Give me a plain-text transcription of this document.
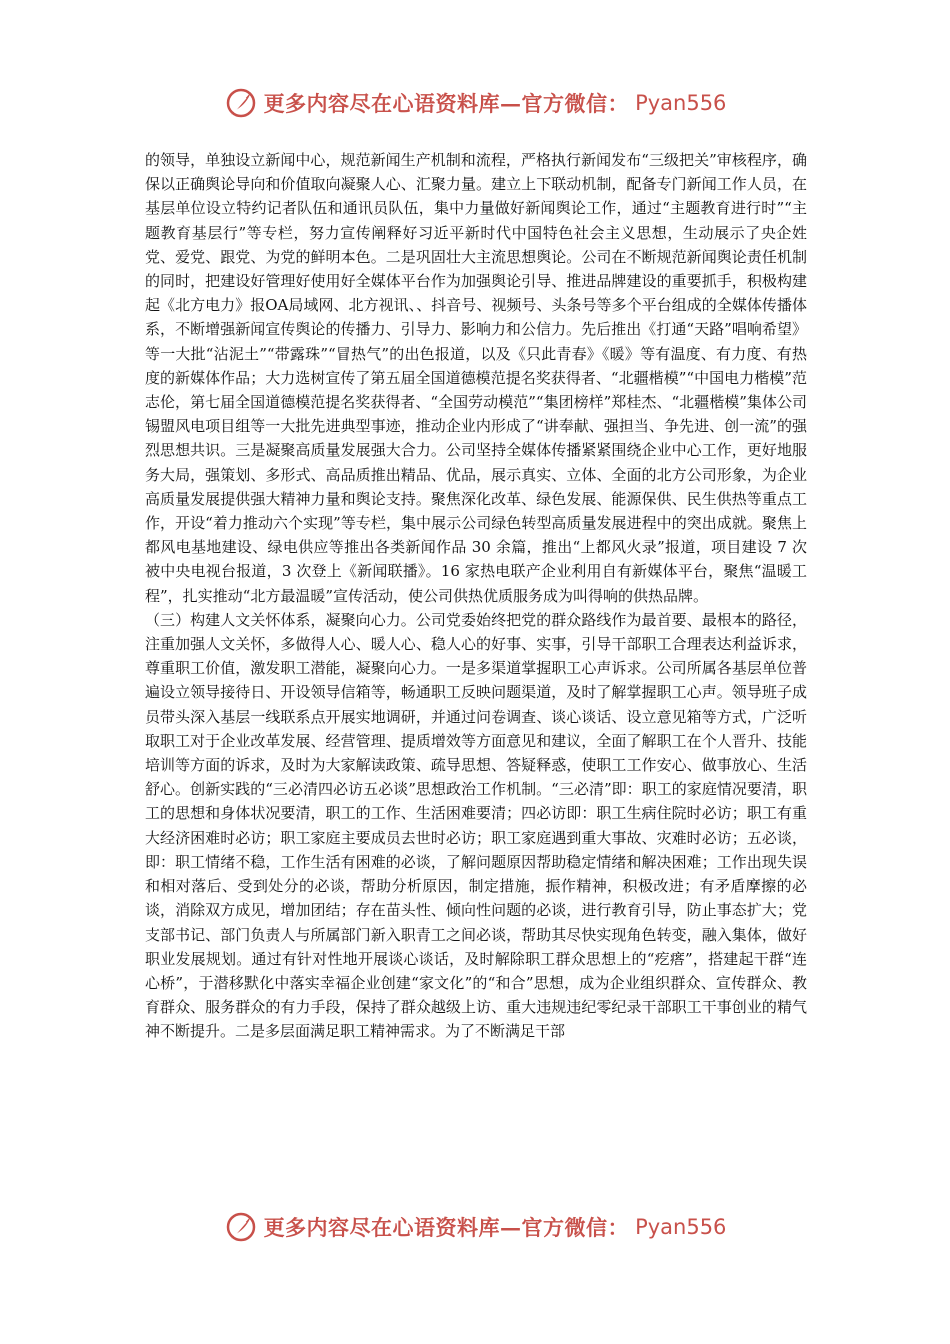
更多内容尽在心语资料库—官方微信： Pyan556

的领导，单独设立新闻中心，规范新闻生产机制和流程，严格执行新闻发布“三级把关”审核程序，确保以正确舆论导向和价值取向凝聚人心、汇聚力量。建立上下联动机制，配备专门新闻工作人员，在基层单位设立特约记者队伍和通讯员队伍，集中力量做好新闻舆论工作，通过“主题教育进行时”“主题教育基层行”等专栏，努力宣传阐释好习近平新时代中国特色社会主义思想，生动展示了央企姓党、爱党、跟党、为党的鲜明本色。二是巩固壮大主流思想舆论。公司在不断规范新闻舆论责任机制的同时，把建设好管理好使用好全媒体平台作为加强舆论引导、推进品牌建设的重要抓手，积极构建起《北方电力》报OA局域网、北方视讯、、抖音号、视频号、头条号等多个平台组成的全媒体传播体系，不断增强新闻宣传舆论的传播力、引导力、影响力和公信力。先后推出《打通“天路”唱响希望》等一大批“沾泥土”“带露珠”“冒热气”的出色报道，以及《只此青春》《暖》等有温度、有力度、有热度的新媒体作品；大力选树宣传了第五届全国道德模范提名奖获得者、“北疆楷模”“中国电力楷模”范志伦，第七届全国道德模范提名奖获得者、“全国劳动模范”“集团榜样”郑桂杰、“北疆楷模”集体公司锡盟风电项目组等一大批先进典型事迹，推动企业内形成了“讲奉献、强担当、争先进、创一流”的强烈思想共识。三是凝聚高质量发展强大合力。公司坚持全媒体传播紧紧围绕企业中心工作，更好地服务大局，强策划、多形式、高品质推出精品、优品，展示真实、立体、全面的北方公司形象，为企业高质量发展提供强大精神力量和舆论支持。聚焦深化改革、绿色发展、能源保供、民生供热等重点工作，开设“着力推动六个实现”等专栏，集中展示公司绿色转型高质量发展进程中的突出成就。聚焦上都风电基地建设、绿电供应等推出各类新闻作品 30 余篇，推出“上都风火录”报道，项目建设 7 次被中央电视台报道，3 次登上《新闻联播》。16 家热电联产企业利用自有新媒体平台，聚焦“温暖工程”，扎实推动“北方最温暖”宣传活动，使公司供热优质服务成为叫得响的供热品牌。

（三）构建人文关怀体系，凝聚向心力。公司党委始终把党的群众路线作为最首要、最根本的路径，注重加强人文关怀，多做得人心、暖人心、稳人心的好事、实事，引导干部职工合理表达利益诉求，尊重职工价值，激发职工潜能，凝聚向心力。一是多渠道掌握职工心声诉求。公司所属各基层单位普遍设立领导接待日、开设领导信箱等，畅通职工反映问题渠道，及时了解掌握职工心声。领导班子成员带头深入基层一线联系点开展实地调研，并通过问卷调查、谈心谈话、设立意见箱等方式，广泛听取职工对于企业改革发展、经营管理、提质增效等方面意见和建议，全面了解职工在个人晋升、技能培训等方面的诉求，及时为大家解读政策、疏导思想、答疑释惑，使职工工作安心、做事放心、生活舒心。创新实践的“三必清四必访五必谈”思想政治工作机制。“三必清”即：职工的家庭情况要清，职工的思想和身体状况要清，职工的工作、生活困难要清；四必访即：职工生病住院时必访；职工有重大经济困难时必访；职工家庭主要成员去世时必访；职工家庭遇到重大事故、灾难时必访；五必谈，即：职工情绪不稳，工作生活有困难的必谈，了解问题原因帮助稳定情绪和解决困难；工作出现失误和相对落后、受到处分的必谈，帮助分析原因，制定措施，振作精神，积极改进；有矛盾摩擦的必谈，消除双方成见，增加团结；存在苗头性、倾向性问题的必谈，进行教育引导，防止事态扩大；党支部书记、部门负责人与所属部门新入职青工之间必谈，帮助其尽快实现角色转变，融入集体，做好职业发展规划。通过有针对性地开展谈心谈话，及时解除职工群众思想上的“疙瘩”，搭建起干群“连心桥”，于潜移默化中落实幸福企业创建“家文化”的“和合”思想，成为企业组织群众、宣传群众、教育群众、服务群众的有力手段，保持了群众越级上访、重大违规违纪零纪录干部职工干事创业的精气神不断提升。二是多层面满足职工精神需求。为了不断满足干部

更多内容尽在心语资料库—官方微信： Pyan556
